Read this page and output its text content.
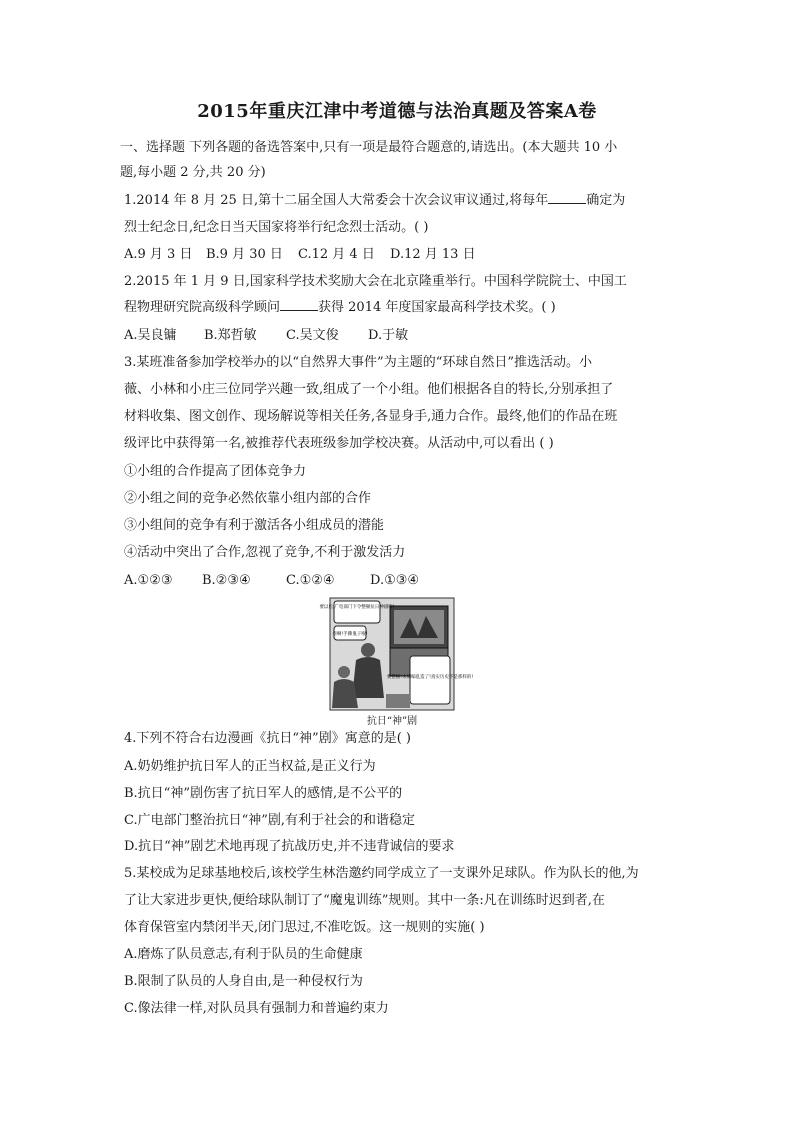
2015年重庆江津中考道德与法治真题及答案A卷
一、选择题 下列各题的备选答案中,只有一项是最符合题意的,请选出。(本大题共 10 小
题,每小题 2 分,共 20 分)
1.2014 年 8 月 25 日,第十二届全国人大常委会十次会议审议通过,将每年	确定为
烈士纪念日,纪念日当天国家将举行纪念烈士活动。( )
A.9 月 3 日 B.9 月 30 日 C.12 月 4 日 D.12 月 13 日
2.2015 年 1 月 9 日,国家科学技术奖励大会在北京隆重举行。中国科学院院士、中国工
程物理研究院高级科学顾问	获得 2014 年度国家最高科学技术奖。( )
A.吴良镛 B.郑哲敏 C.吴文俊 D.于敏
3.某班准备参加学校举办的以“自然界大事件”为主题的“环球自然日”推选活动。小
薇、小林和小庄三位同学兴趣一致,组成了一个小组。他们根据各自的特长,分别承担了
材料收集、图文创作、现场解说等相关任务,各显身手,通力合作。最终,他们的作品在班
级评比中获得第一名,被推荐代表班级参加学校决赛。从活动中,可以看出 ( )
①小组的合作提高了团体竞争力
②小组之间的竞争必然依靠小组内部的合作
③小组间的竞争有利于激活各小组成员的潜能
④活动中突出了合作,忽视了竞争,不利于激发活力
A.①②③ B.②③④	C.①②④	D.①③④
要以后,广电部门下令整顿抗日神剧啦!
看啊!手撕鬼子啦!
要整顿!太胡编乱造了!真实历史不是那样的!
抗日“神”剧
4.下列不符合右边漫画《抗日“神”剧》寓意的是( )
A.奶奶维护抗日军人的正当权益,是正义行为
B.抗日“神”剧伤害了抗日军人的感情,是不公平的
C.广电部门整治抗日“神”剧,有利于社会的和谐稳定
D.抗日“神”剧艺术地再现了抗战历史,并不违背诚信的要求
5.某校成为足球基地校后,该校学生林浩邀约同学成立了一支课外足球队。作为队长的他,为
了让大家进步更快,便给球队制订了“魔鬼训练”规则。其中一条:凡在训练时迟到者,在
体育保管室内禁闭半天,闭门思过,不准吃饭。这一规则的实施( )
A.磨炼了队员意志,有利于队员的生命健康
B.限制了队员的人身自由,是一种侵权行为
C.像法律一样,对队员具有强制力和普遍约束力
